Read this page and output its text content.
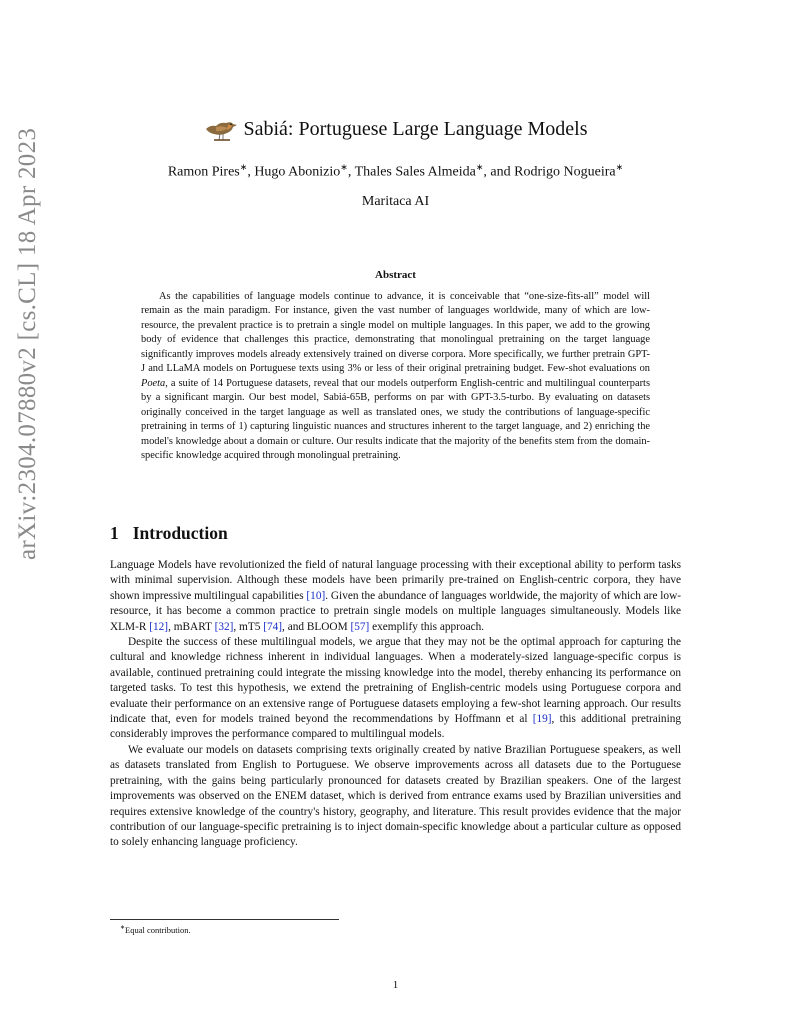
arXiv:2304.07880v2 [cs.CL] 18 Apr 2023	Sabiá: Portuguese Large Language Models
Ramon Pires∗, Hugo Abonizio∗, Thales Sales Almeida∗, and Rodrigo Nogueira∗
Maritaca AI
Abstract
As the capabilities of language models continue to advance, it is conceivable that “one-size-fits-all” model will remain as the main paradigm. For instance, given the vast number of languages worldwide, many of which are low-resource, the prevalent practice is to pretrain a single model on multiple languages. In this paper, we add to the growing body of evidence that challenges this practice, demonstrating that monolingual pretraining on the target language significantly improves models already extensively trained on diverse corpora. More specifically, we further pretrain GPT-J and LLaMA models on Portuguese texts using 3% or less of their original pretraining budget. Few-shot evaluations on Poeta, a suite of 14 Portuguese datasets, reveal that our models outperform English-centric and multilingual counterparts by a significant margin. Our best model, Sabiá-65B, performs on par with GPT-3.5-turbo. By evaluating on datasets originally conceived in the target language as well as translated ones, we study the contributions of language-specific pretraining in terms of 1) capturing linguistic nuances and structures inherent to the target language, and 2) enriching the model's knowledge about a domain or culture. Our results indicate that the majority of the benefits stem from the domain-specific knowledge acquired through monolingual pretraining.
1 Introduction

Language Models have revolutionized the field of natural language processing with their exceptional ability to perform tasks with minimal supervision. Although these models have been primarily pre-trained on English-centric corpora, they have shown impressive multilingual capabilities [10]. Given the abundance of languages worldwide, the majority of which are low-resource, it has become a common practice to pretrain single models on multiple languages simultaneously. Models like XLM-R [12], mBART [32], mT5 [74], and BLOOM [57] exemplify this approach.

Despite the success of these multilingual models, we argue that they may not be the optimal approach for capturing the cultural and knowledge richness inherent in individual languages. When a moderately-sized language-specific corpus is available, continued pretraining could integrate the missing knowledge into the model, thereby enhancing its performance on targeted tasks. To test this hypothesis, we extend the pretraining of English-centric models using Portuguese corpora and evaluate their performance on an extensive range of Portuguese datasets employing a few-shot learning approach. Our results indicate that, even for models trained beyond the recommendations by Hoffmann et al [19], this additional pretraining considerably improves the performance compared to multilingual models.

We evaluate our models on datasets comprising texts originally created by native Brazilian Portuguese speakers, as well as datasets translated from English to Portuguese. We observe improvements across all datasets due to the Portuguese pretraining, with the gains being particularly pronounced for datasets created by Brazilian speakers. One of the largest improvements was observed on the ENEM dataset, which is derived from entrance exams used by Brazilian universities and requires extensive knowledge of the country's history, geography, and literature. This result provides evidence that the major contribution of our language-specific pretraining is to inject domain-specific knowledge about a particular culture as opposed to solely enhancing language proficiency.

∗Equal contribution.
1
